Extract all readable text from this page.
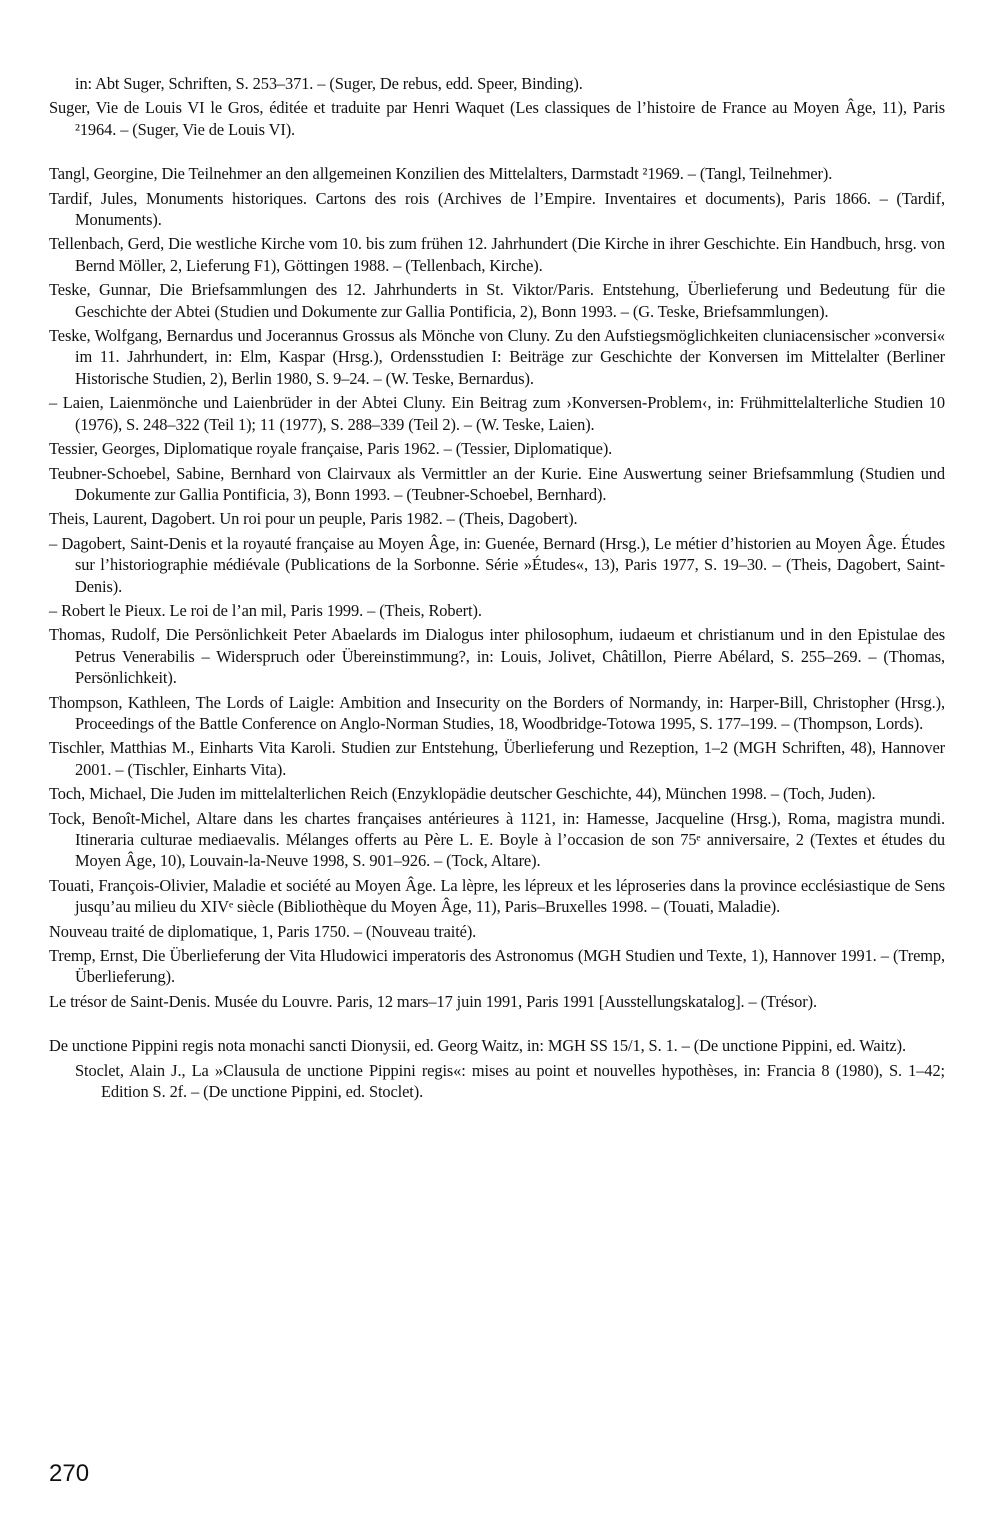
in: Abt Suger, Schriften, S. 253–371. – (Suger, De rebus, edd. Speer, Binding).

Suger, Vie de Louis VI le Gros, éditée et traduite par Henri Waquet (Les classiques de l’histoire de France au Moyen Âge, 11), Paris ²1964. – (Suger, Vie de Louis VI).

Tangl, Georgine, Die Teilnehmer an den allgemeinen Konzilien des Mittelalters, Darmstadt ²1969. – (Tangl, Teilnehmer).

Tardif, Jules, Monuments historiques. Cartons des rois (Archives de l’Empire. Inventaires et documents), Paris 1866. – (Tardif, Monuments).

Tellenbach, Gerd, Die westliche Kirche vom 10. bis zum frühen 12. Jahrhundert (Die Kirche in ihrer Geschichte. Ein Handbuch, hrsg. von Bernd Möller, 2, Lieferung F1), Göttingen 1988. – (Tellenbach, Kirche).

Teske, Gunnar, Die Briefsammlungen des 12. Jahrhunderts in St. Viktor/Paris. Entstehung, Überlieferung und Bedeutung für die Geschichte der Abtei (Studien und Dokumente zur Gallia Pontificia, 2), Bonn 1993. – (G. Teske, Briefsammlungen).

Teske, Wolfgang, Bernardus und Jocerannus Grossus als Mönche von Cluny. Zu den Aufstiegsmöglichkeiten cluniacensischer »conversi« im 11. Jahrhundert, in: Elm, Kaspar (Hrsg.), Ordensstudien I: Beiträge zur Geschichte der Konversen im Mittelalter (Berliner Historische Studien, 2), Berlin 1980, S. 9–24. – (W. Teske, Bernardus).

– Laien, Laienmönche und Laienbrüder in der Abtei Cluny. Ein Beitrag zum ›Konversen-Problem‹, in: Frühmittelalterliche Studien 10 (1976), S. 248–322 (Teil 1); 11 (1977), S. 288–339 (Teil 2). – (W. Teske, Laien).

Tessier, Georges, Diplomatique royale française, Paris 1962. – (Tessier, Diplomatique).

Teubner-Schoebel, Sabine, Bernhard von Clairvaux als Vermittler an der Kurie. Eine Auswertung seiner Briefsammlung (Studien und Dokumente zur Gallia Pontificia, 3), Bonn 1993. – (Teubner-Schoebel, Bernhard).

Theis, Laurent, Dagobert. Un roi pour un peuple, Paris 1982. – (Theis, Dagobert).

– Dagobert, Saint-Denis et la royauté française au Moyen Âge, in: Guenée, Bernard (Hrsg.), Le métier d’historien au Moyen Âge. Études sur l’historiographie médiévale (Publications de la Sorbonne. Série »Études«, 13), Paris 1977, S. 19–30. – (Theis, Dagobert, Saint-Denis).

– Robert le Pieux. Le roi de l’an mil, Paris 1999. – (Theis, Robert).

Thomas, Rudolf, Die Persönlichkeit Peter Abaelards im Dialogus inter philosophum, iudaeum et christianum und in den Epistulae des Petrus Venerabilis – Widerspruch oder Übereinstimmung?, in: Louis, Jolivet, Châtillon, Pierre Abélard, S. 255–269. – (Thomas, Persönlichkeit).

Thompson, Kathleen, The Lords of Laigle: Ambition and Insecurity on the Borders of Normandy, in: Harper-Bill, Christopher (Hrsg.), Proceedings of the Battle Conference on Anglo-Norman Studies, 18, Woodbridge-Totowa 1995, S. 177–199. – (Thompson, Lords).

Tischler, Matthias M., Einharts Vita Karoli. Studien zur Entstehung, Überlieferung und Rezeption, 1–2 (MGH Schriften, 48), Hannover 2001. – (Tischler, Einharts Vita).

Toch, Michael, Die Juden im mittelalterlichen Reich (Enzyklopädie deutscher Geschichte, 44), München 1998. – (Toch, Juden).

Tock, Benoît-Michel, Altare dans les chartes françaises antérieures à 1121, in: Hamesse, Jacqueline (Hrsg.), Roma, magistra mundi. Itineraria culturae mediaevalis. Mélanges offerts au Père L. E. Boyle à l’occasion de son 75ᵉ anniversaire, 2 (Textes et études du Moyen Âge, 10), Louvain-la-Neuve 1998, S. 901–926. – (Tock, Altare).

Touati, François-Olivier, Maladie et société au Moyen Âge. La lèpre, les lépreux et les léproseries dans la province ecclésiastique de Sens jusqu’au milieu du XIVᵉ siècle (Bibliothèque du Moyen Âge, 11), Paris–Bruxelles 1998. – (Touati, Maladie).

Nouveau traité de diplomatique, 1, Paris 1750. – (Nouveau traité).

Tremp, Ernst, Die Überlieferung der Vita Hludowici imperatoris des Astronomus (MGH Studien und Texte, 1), Hannover 1991. – (Tremp, Überlieferung).

Le trésor de Saint-Denis. Musée du Louvre. Paris, 12 mars–17 juin 1991, Paris 1991 [Ausstellungskatalog]. – (Trésor).

De unctione Pippini regis nota monachi sancti Dionysii, ed. Georg Waitz, in: MGH SS 15/1, S. 1. – (De unctione Pippini, ed. Waitz).

Stoclet, Alain J., La »Clausula de unctione Pippini regis«: mises au point et nouvelles hypothèses, in: Francia 8 (1980), S. 1–42; Edition S. 2f. – (De unctione Pippini, ed. Stoclet).

270
